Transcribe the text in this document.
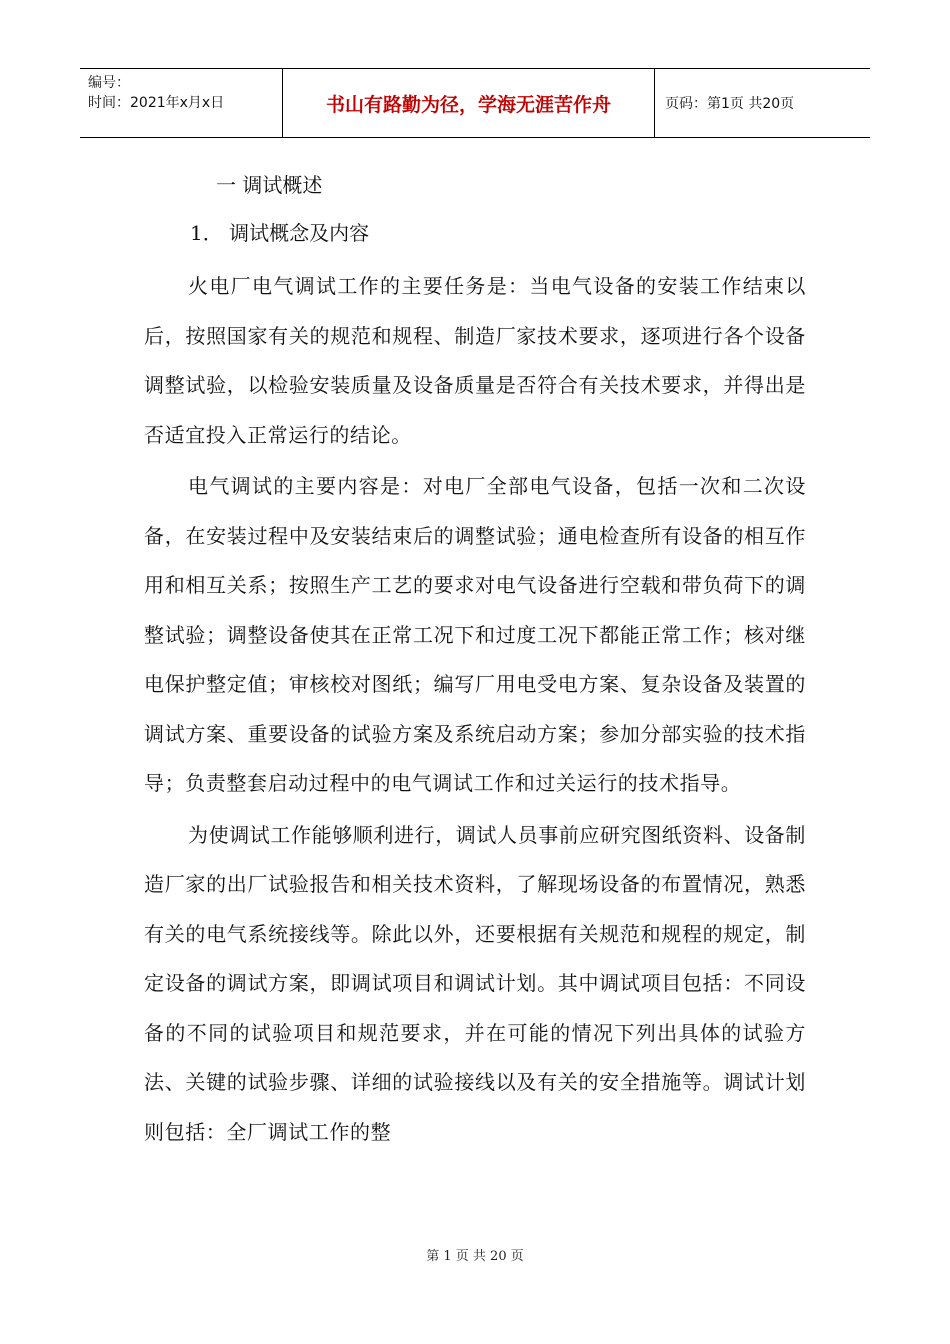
编号：
时间：2021年x月x日	书山有路勤为径，学海无涯苦作舟	页码：第1页 共20页
一 调试概述
1． 调试概念及内容

火电厂电气调试工作的主要任务是：当电气设备的安装工作结束以后，按照国家有关的规范和规程、制造厂家技术要求，逐项进行各个设备调整试验，以检验安装质量及设备质量是否符合有关技术要求，并得出是否适宜投入正常运行的结论。

电气调试的主要内容是：对电厂全部电气设备，包括一次和二次设备，在安装过程中及安装结束后的调整试验；通电检查所有设备的相互作用和相互关系；按照生产工艺的要求对电气设备进行空载和带负荷下的调整试验；调整设备使其在正常工况下和过度工况下都能正常工作；核对继电保护整定值；审核校对图纸；编写厂用电受电方案、复杂设备及装置的调试方案、重要设备的试验方案及系统启动方案；参加分部实验的技术指导；负责整套启动过程中的电气调试工作和过关运行的技术指导。

为使调试工作能够顺利进行，调试人员事前应研究图纸资料、设备制造厂家的出厂试验报告和相关技术资料，了解现场设备的布置情况，熟悉有关的电气系统接线等。除此以外，还要根据有关规范和规程的规定，制定设备的调试方案，即调试项目和调试计划。其中调试项目包括：不同设备的不同的试验项目和规范要求，并在可能的情况下列出具体的试验方法、关键的试验步骤、详细的试验接线以及有关的安全措施等。调试计划则包括：全厂调试工作的整

第 1 页 共 20 页
